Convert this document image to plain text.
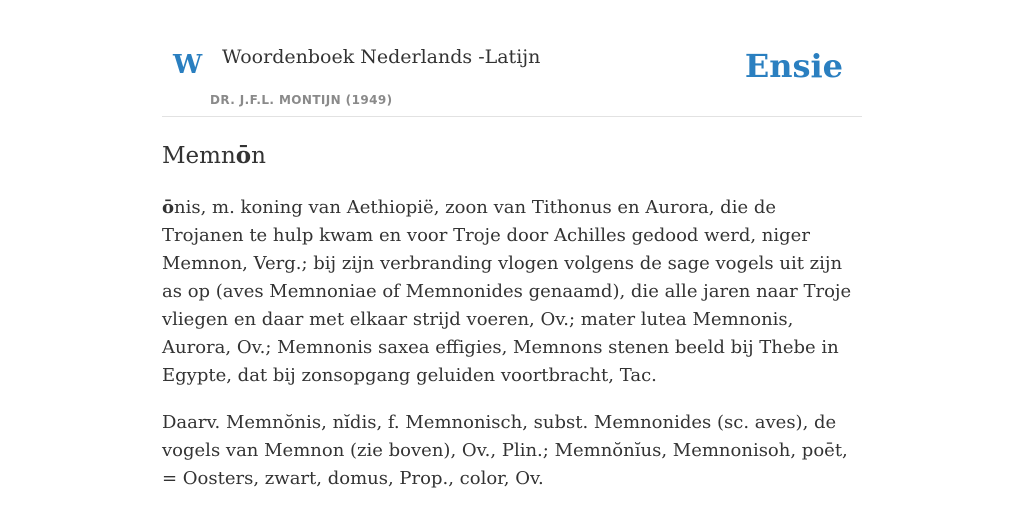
W Woordenboek Nederlands -Latijn
DR. J.F.L. MONTIJN (1949)
Ensie
Memnōn

ōnis, m. koning van Aethiopië, zoon van Tithonus en Aurora, die de Trojanen te hulp kwam en voor Troje door Achilles gedood werd, niger Memnon, Verg.; bij zijn verbranding vlogen volgens de sage vogels uit zijn as op (aves Memnoniae of Memnonides genaamd), die alle jaren naar Troje vliegen en daar met elkaar strijd voeren, Ov.; mater lutea Memnonis, Aurora, Ov.; Memnonis saxea effigies, Memnons stenen beeld bij Thebe in Egypte, dat bij zonsopgang geluiden voortbracht, Tac.

Daarv. Memnŏnis, nĭdis, f. Memnonisch, subst. Memnonides (sc. aves), de vogels van Memnon (zie boven), Ov., Plin.; Memnŏnĭus, Memnonisoh, poēt, = Oosters, zwart, domus, Prop., color, Ov.
